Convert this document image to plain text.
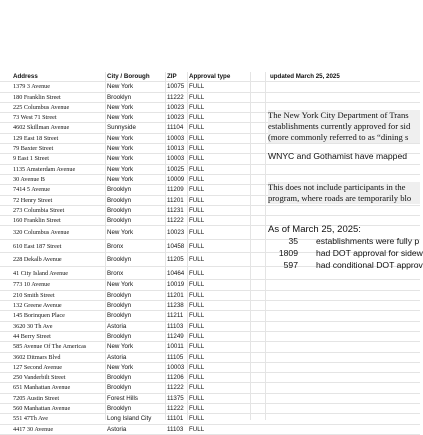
Address	City / Borough	ZIP	Approval type
1379 3 Avenue	New York	10075 FULL
180 Franklin Street	Brooklyn	11222 FULL
225 Columbus Avenue	New York	10023 FULL
73 West 71 Street	New York	10023 FULL
4602 Skillman Avenue	Sunnyside	11104 FULL
129 East 18 Street	New York	10003 FULL
79 Baxter Street	New York	10013 FULL
9 East 1 Street	New York	10003 FULL
1135 Amsterdam Avenue	New York	10025 FULL
30 Avenue B	New York	10009 FULL
7414 5 Avenue	Brooklyn	11209 FULL
72 Henry Street	Brooklyn	11201 FULL
273 Columbia Street	Brooklyn	11231 FULL
160 Franklin Street	Brooklyn	11222 FULL
320 Columbus Avenue	New York	10023 FULL
610 East 187 Street	Bronx	10458 FULL
228 Dekalb Avenue	Brooklyn	11205 FULL
41 City Island Avenue	Bronx	10464 FULL
773 10 Avenue	New York	10019 FULL
210 Smith Street	Brooklyn	11201 FULL
132 Greene Avenue	Brooklyn	11238 FULL
145 Borinquen Place	Brooklyn	11211 FULL
3620 30 Th Ave	Astoria	11103 FULL
44 Berry Street	Brooklyn	11249 FULL
585 Avenue Of The Americas	New York	10011 FULL
3602 Ditmars Blvd	Astoria	11105 FULL
127 Second Avenue	New York	10003 FULL
250 Vanderbilt Street	Brooklyn	11206 FULL
651 Manhattan Avenue	Brooklyn	11222 FULL
7205 Austin Street	Forest Hills	11375 FULL
560 Manhattan Avenue	Brooklyn	11222 FULL
551 47Th Ave	Long Island City	11101 FULL
4417 30 Avenue	Astoria	11103 FULL
updated March 25, 2025
The New York City Department of Trans
establishments currently approved for sid
(more commonly referred to as “dining s
WNYC and Gothamist have mapped
This does not include participants in the
program, where roads are temporarily blo
As of March 25, 2025:
35 establishments were fully p
1809 had DOT approval for sidew
597 had conditional DOT approv
